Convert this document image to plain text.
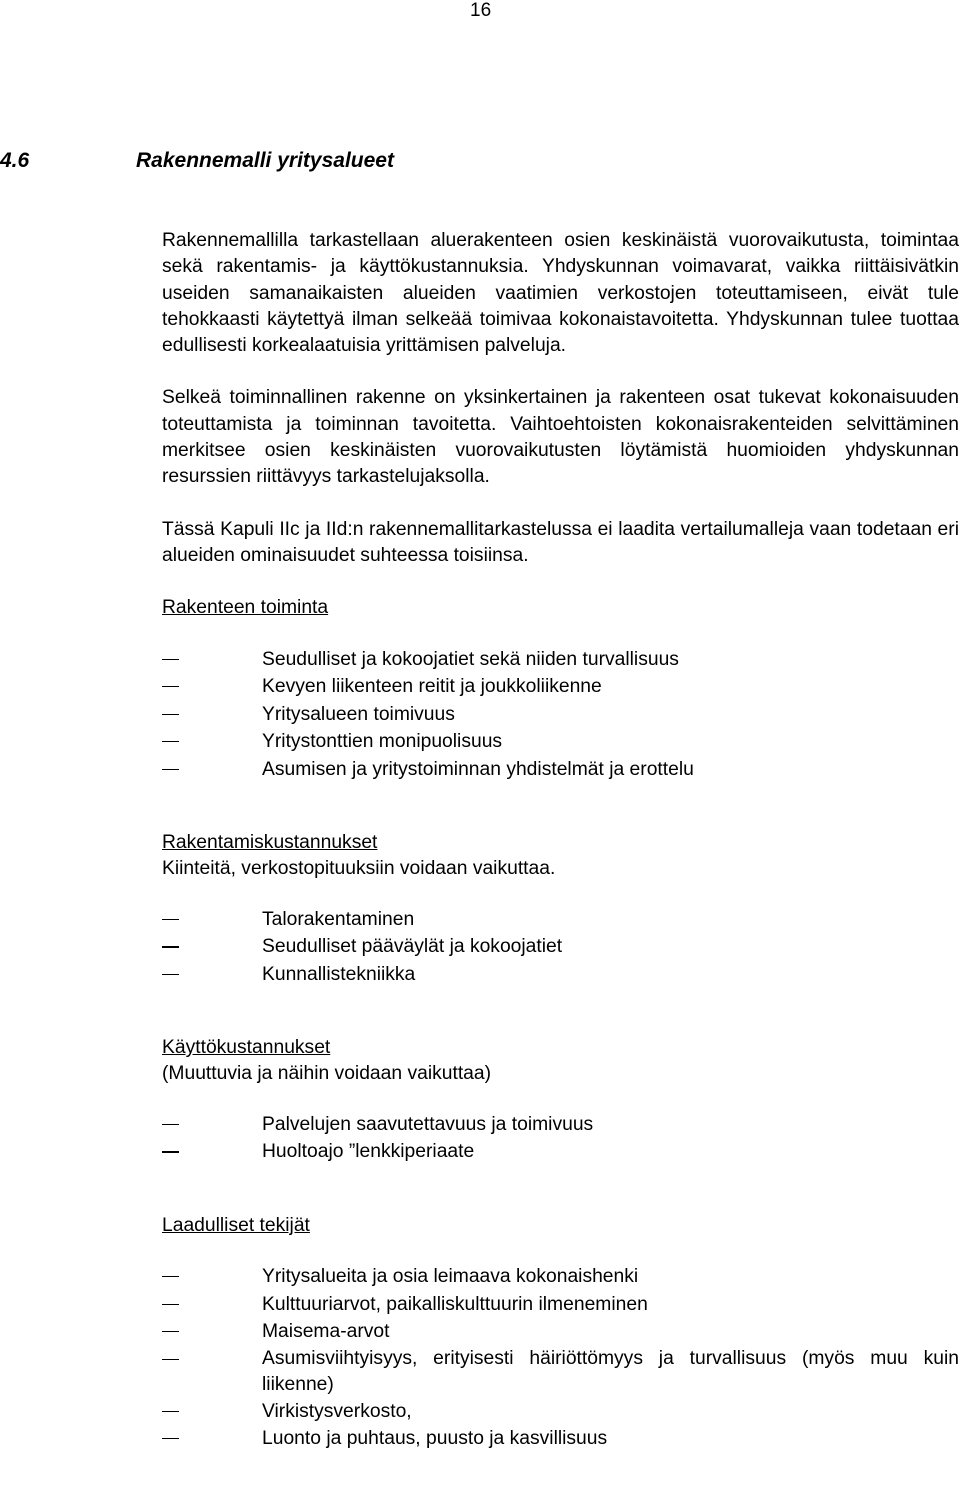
16
4.6	Rakennemalli yritysalueet

Rakennemallilla tarkastellaan aluerakenteen osien keskinäistä vuorovaikutusta, toimintaa sekä rakentamis- ja käyttökustannuksia. Yhdyskunnan voimavarat, vaikka riittäisivätkin useiden samanaikaisten alueiden vaatimien verkostojen toteuttamiseen, eivät tule tehokkaasti käytettyä ilman selkeää toimivaa kokonaistavoitetta. Yhdyskunnan tulee tuottaa edullisesti korkealaatuisia yrittämisen palveluja.

Selkeä toiminnallinen rakenne on yksinkertainen ja rakenteen osat tukevat kokonaisuuden toteuttamista ja toiminnan tavoitetta. Vaihtoehtoisten kokonaisrakenteiden selvittäminen merkitsee osien keskinäisten vuorovaikutusten löytämistä huomioiden yhdyskunnan resurssien riittävyys tarkastelujaksolla.

Tässä Kapuli IIc ja IId:n rakennemallitarkastelussa ei laadita vertailumalleja vaan todetaan eri alueiden ominaisuudet suhteessa toisiinsa.

Rakenteen toiminta

Seudulliset ja kokoojatiet sekä niiden turvallisuus
Kevyen liikenteen reitit ja joukkoliikenne
Yritysalueen toimivuus
Yritystonttien monipuolisuus
Asumisen ja yritystoiminnan yhdistelmät ja erottelu

Rakentamiskustannukset

Kiinteitä, verkostopituuksiin voidaan vaikuttaa.

Talorakentaminen
Seudulliset pääväylät ja kokoojatiet
Kunnallistekniikka

Käyttökustannukset

(Muuttuvia ja näihin voidaan vaikuttaa)

Palvelujen saavutettavuus ja toimivuus
Huoltoajo ”lenkkiperiaate

Laadulliset tekijät

Yritysalueita ja osia leimaava kokonaishenki
Kulttuuriarvot, paikalliskulttuurin ilmeneminen
Maisema-arvot
Asumisviihtyisyys, erityisesti häiriöttömyys ja turvallisuus (myös muu kuin liikenne)
Virkistysverkosto,
Luonto ja puhtaus, puusto ja kasvillisuus
